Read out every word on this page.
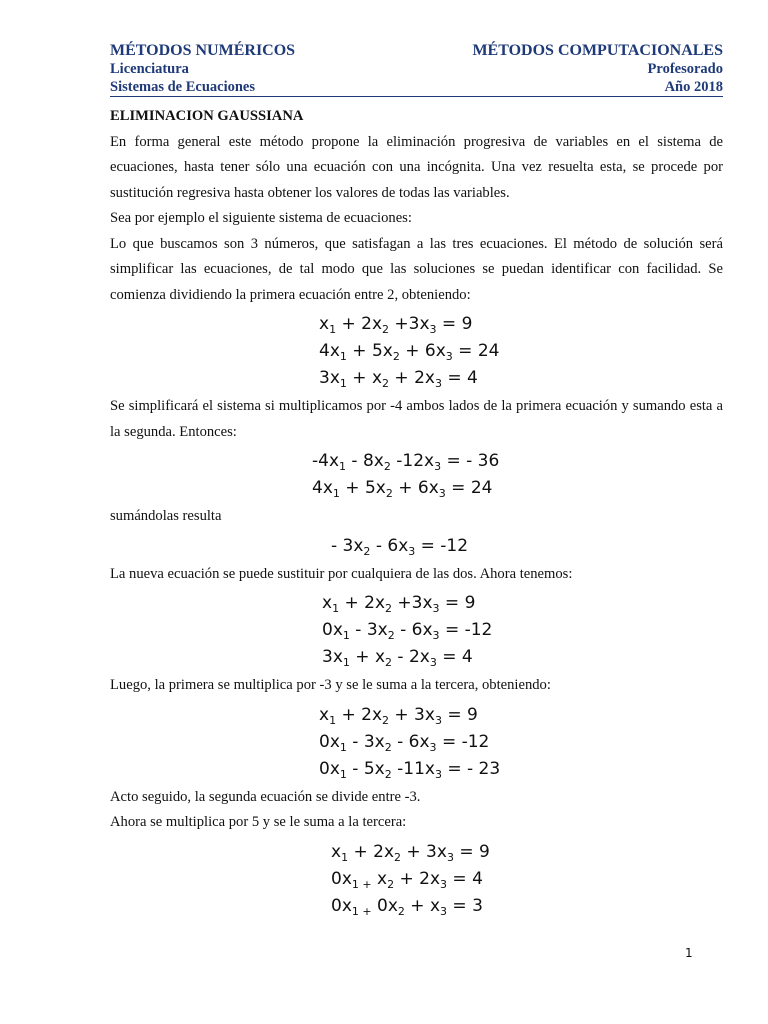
MÉTODOS NUMÉRICOS	MÉTODOS COMPUTACIONALES
Licenciatura	Profesorado
Sistemas de Ecuaciones	Año 2018

ELIMINACION GAUSSIANA

En forma general este método propone la eliminación progresiva de variables en el sistema de ecuaciones, hasta tener sólo una ecuación con una incógnita. Una vez resuelta esta, se procede por sustitución regresiva hasta obtener los valores de todas las variables.

Sea por ejemplo el siguiente sistema de ecuaciones:

Lo que buscamos son 3 números, que satisfagan a las tres ecuaciones. El método de solución será simplificar las ecuaciones, de tal modo que las soluciones se puedan identificar con facilidad. Se comienza dividiendo la primera ecuación entre 2, obteniendo:

$x_1 + 2x_2 +3x_3 = 9$
$4x_1 + 5x_2 + 6x_3 = 24$
$3x_1 + x_2 + 2x_3 = 4$

Se simplificará el sistema si multiplicamos por -4 ambos lados de la primera ecuación y sumando esta a la segunda. Entonces:

$-4x_1 - 8x_2$ $-12x_3$ = - 36
$4x_1 + 5x_2 + 6x_3 = 24$

sumándolas resulta

- $3x_2 - 6x_3 = -12$

La nueva ecuación se puede sustituir por cualquiera de las dos. Ahora tenemos:

$x_1 + 2x_2 +3x_3 = 9$
$0x_1 - 3x_2 - 6x_3 = -12$
$3x_1 + x_2 - 2x_3 = 4$

Luego, la primera se multiplica por -3 y se le suma a la tercera, obteniendo:

$x_1 + 2x_2 + 3x_3 = 9$
$0x_1 - 3x_2 - 6x_3 = -12$
$0x_1 - 5x_2$ $-11x_3$ = - 23

Acto seguido, la segunda ecuación se divide entre -3.

Ahora se multiplica por 5 y se le suma a la tercera:

$x_1 + 2x_2 + 3x_3 = 9$
$0x_{1 +}$ $x_2 + 2x_3 = 4$
$0x_{1 +}$ $0x_2 + x_3 = 3$
1
